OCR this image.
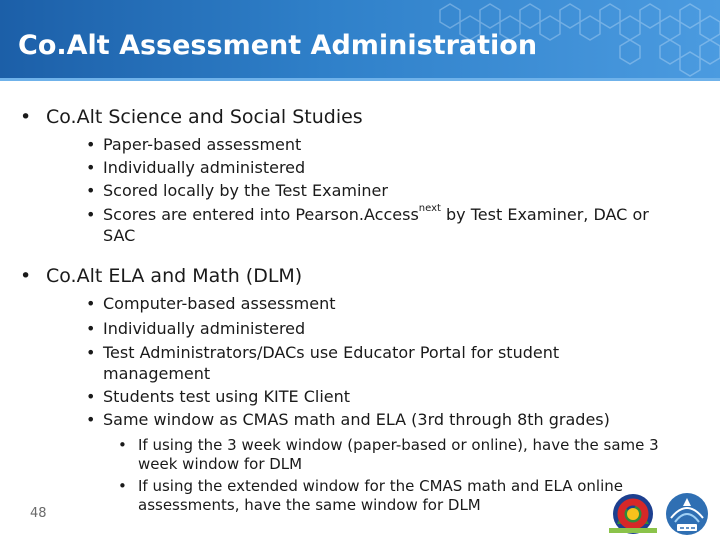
Co.Alt Assessment Administration
• Co.Alt Science and Social Studies
• Paper-based assessment
• Individually administered
• Scored locally by the Test Examiner
• Scores are entered into Pearson.Access$^{next}$ by Test Examiner, DAC or
SAC
• Co.Alt ELA and Math (DLM)
• Computer-based assessment
• Individually administered
• Test Administrators/DACs use Educator Portal for student
management
• Students test using KITE Client
• Same window as CMAS math and ELA (3rd through 8th grades)
• If using the 3 week window (paper-based or online), have the same 3
week window for DLM
• If using the extended window for the CMAS math and ELA online
assessments, have the same window for DLM
48
